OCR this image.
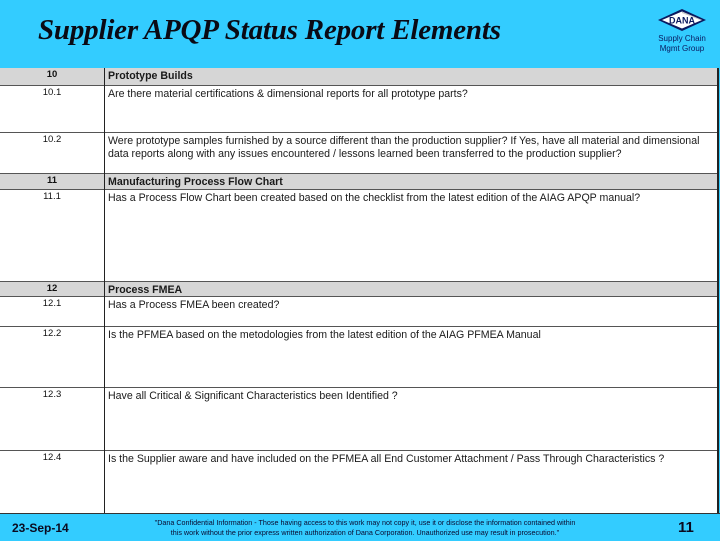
Supplier APQP Status Report Elements	DANA
Supply Chain
Mgmt Group
10	Prototype Builds
10.1	Are there material certifications & dimensional reports for all prototype parts?
10.2	Were prototype samples furnished by a source different than the production supplier? If Yes, have all material and dimensional data reports along with any issues encountered / lessons learned been transferred to the production supplier?
11	Manufacturing Process Flow Chart
11.1	Has a Process Flow Chart been created based on the checklist from the latest edition of the AIAG APQP manual?
12	Process FMEA
12.1	Has a Process FMEA been created?
12.2	Is the PFMEA based on the metodologies from the latest edition of the AIAG PFMEA Manual
12.3	Have all Critical & Significant Characteristics been Identified ?
12.4	Is the Supplier aware and have included on the PFMEA all End Customer Attachment / Pass Through Characteristics ?
23-Sep-14	"Dana Confidential Information - Those having access to this work may not copy it, use it or disclose the information contained within
this work without the prior express written authorization of Dana Corporation. Unauthorized use may result in prosecution."	11
